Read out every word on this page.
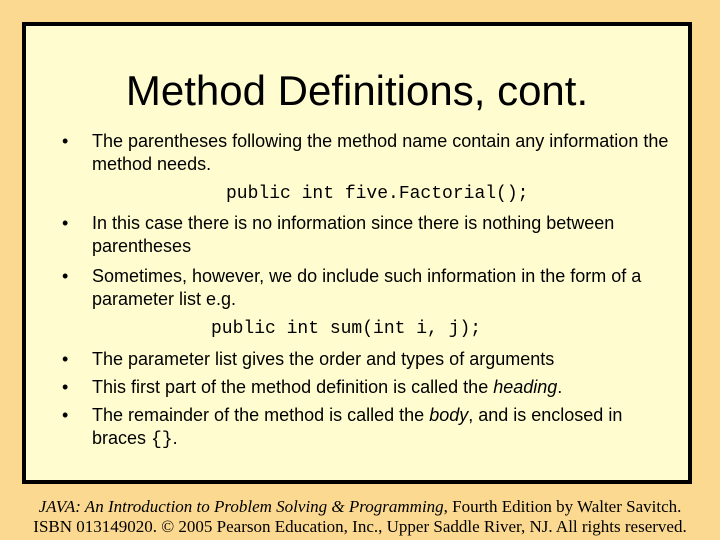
Method Definitions, cont.
•	The parentheses following the method name contain any information the method needs.
public int five.Factorial();
•	In this case there is no information since there is nothing between parentheses
•	Sometimes, however, we do include such information in the form of a parameter list e.g.
public int sum(int i, j);
•	The parameter list gives the order and types of arguments
•	This first part of the method definition is called the heading.
•	The remainder of the method is called the body, and is enclosed in braces {}.
JAVA: An Introduction to Problem Solving & Programming, Fourth Edition by Walter Savitch.
ISBN 013149020. © 2005 Pearson Education, Inc., Upper Saddle River, NJ. All rights reserved.
